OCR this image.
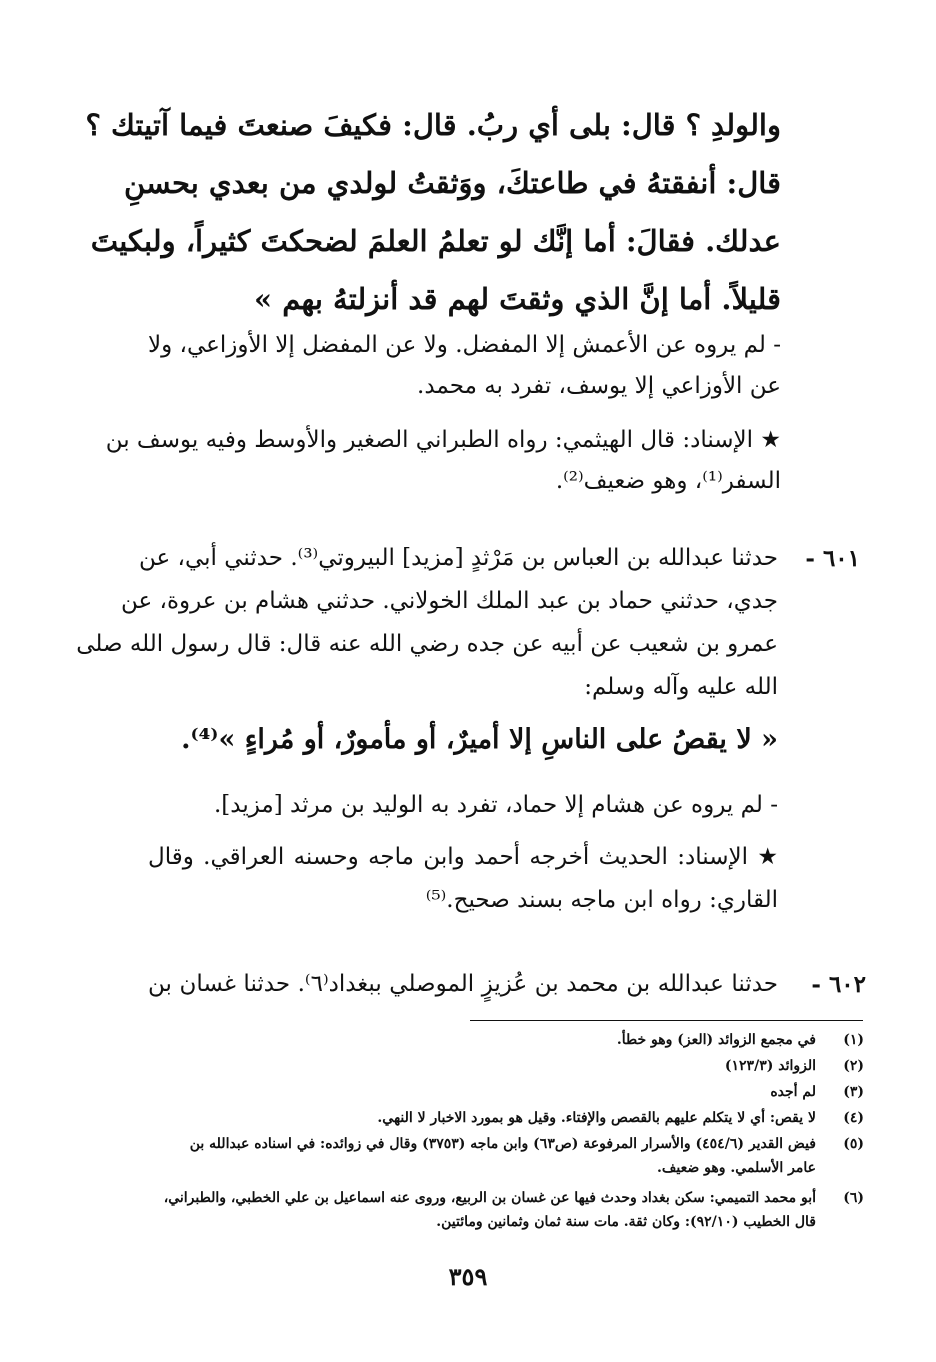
والولدِ ؟ قال: بلى أي ربُ. قال: فكيفَ صنعتَ فيما آتيتك ؟
قال: أنفقتهُ في طاعتكَ، ووَثقتُ لولدي من بعدي بحسنِ
عدلك. فقالَ: أما إنَّك لو تعلمُ العلمَ لضحكتَ كثيراً، ولبكيتَ
قليلاً. أما إنَّ الذي وثقتَ لهم قد أنزلتهُ بهم »
- لم يروه عن الأعمش إلا المفضل. ولا عن المفضل إلا الأوزاعي، ولا
عن الأوزاعي إلا يوسف، تفرد به محمد.
★ الإسناد: قال الهيثمي: رواه الطبراني الصغير والأوسط وفيه يوسف بن
السفر⁽¹⁾، وهو ضعيف⁽²⁾.
٦٠١ -
حدثنا عبدالله بن العباس بن مَرْثدٍ [مزيد] البيروتي⁽³⁾. حدثني أبي، عن
جدي، حدثني حماد بن عبد الملك الخولاني. حدثني هشام بن عروة، عن
عمرو بن شعيب عن أبيه عن جده رضي الله عنه قال: قال رسول الله صلى
الله عليه وآله وسلم:
« لا يقصُ على الناسِ إلا أميرٌ، أو مأمورٌ، أو مُراءٍ »⁽⁴⁾.
- لم يروه عن هشام إلا حماد، تفرد به الوليد بن مرثد [مزيد].
★ الإسناد: الحديث أخرجه أحمد وابن ماجه وحسنه العراقي. وقال
القاري: رواه ابن ماجه بسند صحيح.⁽⁵⁾
٦٠٢ -
حدثنا عبدالله بن محمد بن عُزيزٍ الموصلي ببغداد⁽٦⁾. حدثنا غسان بن
(١)
في مجمع الزوائد (العز) وهو خطأ.
(٢)
الزوائد (١٢٣/٣)
(٣)
لم أجده
(٤)
لا يقص: أي لا يتكلم عليهم بالقصص والإفتاء. وقيل هو بمورد الاخبار لا النهي.
(٥)
فيض القدير (٤٥٤/٦) والأسرار المرفوعة (ص٦٣) وابن ماجه (٣٧٥٣) وقال في زوائده: في اسناده عبدالله بن
عامر الأسلمي. وهو ضعيف.
(٦)
أبو محمد التميمي: سكن بغداد وحدث فيها عن غسان بن الربيع، وروى عنه اسماعيل بن علي الخطبي، والطبراني،
قال الخطيب (٩٢/١٠): وكان ثقة. مات سنة ثمان وثمانين ومائتين.
٣٥٩
